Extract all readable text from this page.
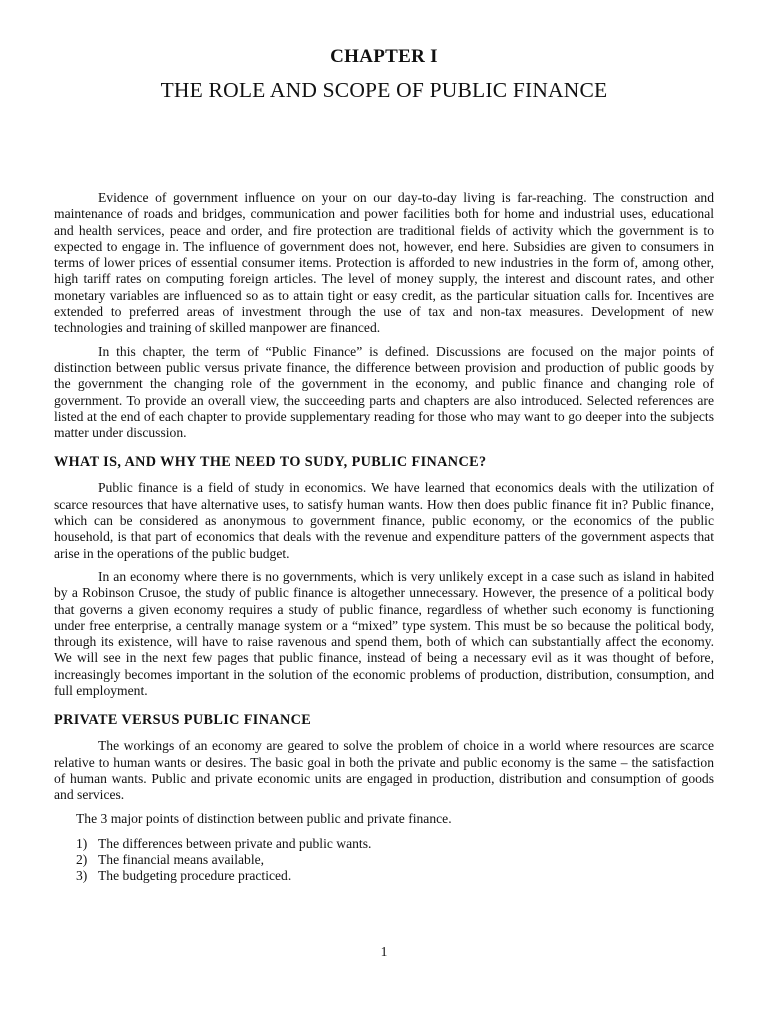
CHAPTER I
THE ROLE AND SCOPE OF PUBLIC FINANCE

Evidence of government influence on your on our day-to-day living is far-reaching. The construction and maintenance of roads and bridges, communication and power facilities both for home and industrial uses, educational and health services, peace and order, and fire protection are traditional fields of activity which the government is to expected to engage in. The influence of government does not, however, end here. Subsidies are given to consumers in terms of lower prices of essential consumer items. Protection is afforded to new industries in the form of, among other, high tariff rates on computing foreign articles. The level of money supply, the interest and discount rates, and other monetary variables are influenced so as to attain tight or easy credit, as the particular situation calls for. Incentives are extended to preferred areas of investment through the use of tax and non-tax measures. Development of new technologies and training of skilled manpower are financed.

In this chapter, the term of “Public Finance” is defined. Discussions are focused on the major points of distinction between public versus private finance, the difference between provision and production of public goods by the government the changing role of the government in the economy, and public finance and changing role of government. To provide an overall view, the succeeding parts and chapters are also introduced. Selected references are listed at the end of each chapter to provide supplementary reading for those who may want to go deeper into the subjects matter under discussion.

WHAT IS, AND WHY THE NEED TO SUDY, PUBLIC FINANCE?

Public finance is a field of study in economics. We have learned that economics deals with the utilization of scarce resources that have alternative uses, to satisfy human wants. How then does public finance fit in? Public finance, which can be considered as anonymous to government finance, public economy, or the economics of the public household, is that part of economics that deals with the revenue and expenditure patters of the government aspects that arise in the operations of the public budget.

In an economy where there is no governments, which is very unlikely except in a case such as island in habited by a Robinson Crusoe, the study of public finance is altogether unnecessary. However, the presence of a political body that governs a given economy requires a study of public finance, regardless of whether such economy is functioning under free enterprise, a centrally manage system or a “mixed” type system. This must be so because the political body, through its existence, will have to raise ravenous and spend them, both of which can substantially affect the economy. We will see in the next few pages that public finance, instead of being a necessary evil as it was thought of before, increasingly becomes important in the solution of the economic problems of production, distribution, consumption, and full employment.

PRIVATE VERSUS PUBLIC FINANCE

The workings of an economy are geared to solve the problem of choice in a world where resources are scarce relative to human wants or desires. The basic goal in both the private and public economy is the same – the satisfaction of human wants. Public and private economic units are engaged in production, distribution and consumption of goods and services.

The 3 major points of distinction between public and private finance.

1) The differences between private and public wants.
2) The financial means available,
3) The budgeting procedure practiced.
1
